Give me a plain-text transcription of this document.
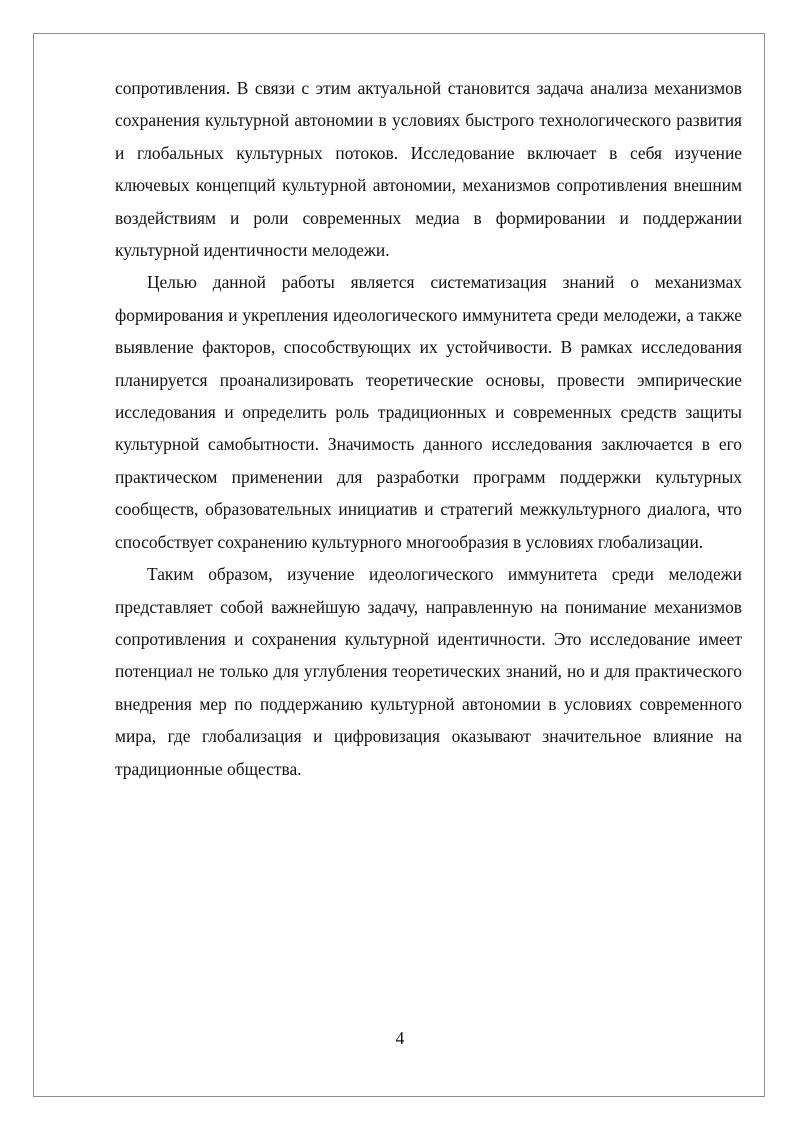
сопротивления. В связи с этим актуальной становится задача анализа механизмов сохранения культурной автономии в условиях быстрого технологического развития и глобальных культурных потоков. Исследование включает в себя изучение ключевых концепций культурной автономии, механизмов сопротивления внешним воздействиям и роли современных медиа в формировании и поддержании культурной идентичности мелодежи.

Целью данной работы является систематизация знаний о механизмах формирования и укрепления идеологического иммунитета среди мелодежи, а также выявление факторов, способствующих их устойчивости. В рамках исследования планируется проанализировать теоретические основы, провести эмпирические исследования и определить роль традиционных и современных средств защиты культурной самобытности. Значимость данного исследования заключается в его практическом применении для разработки программ поддержки культурных сообществ, образовательных инициатив и стратегий межкультурного диалога, что способствует сохранению культурного многообразия в условиях глобализации.

Таким образом, изучение идеологического иммунитета среди мелодежи представляет собой важнейшую задачу, направленную на понимание механизмов сопротивления и сохранения культурной идентичности. Это исследование имеет потенциал не только для углубления теоретических знаний, но и для практического внедрения мер по поддержанию культурной автономии в условиях современного мира, где глобализация и цифровизация оказывают значительное влияние на традиционные общества.

4
